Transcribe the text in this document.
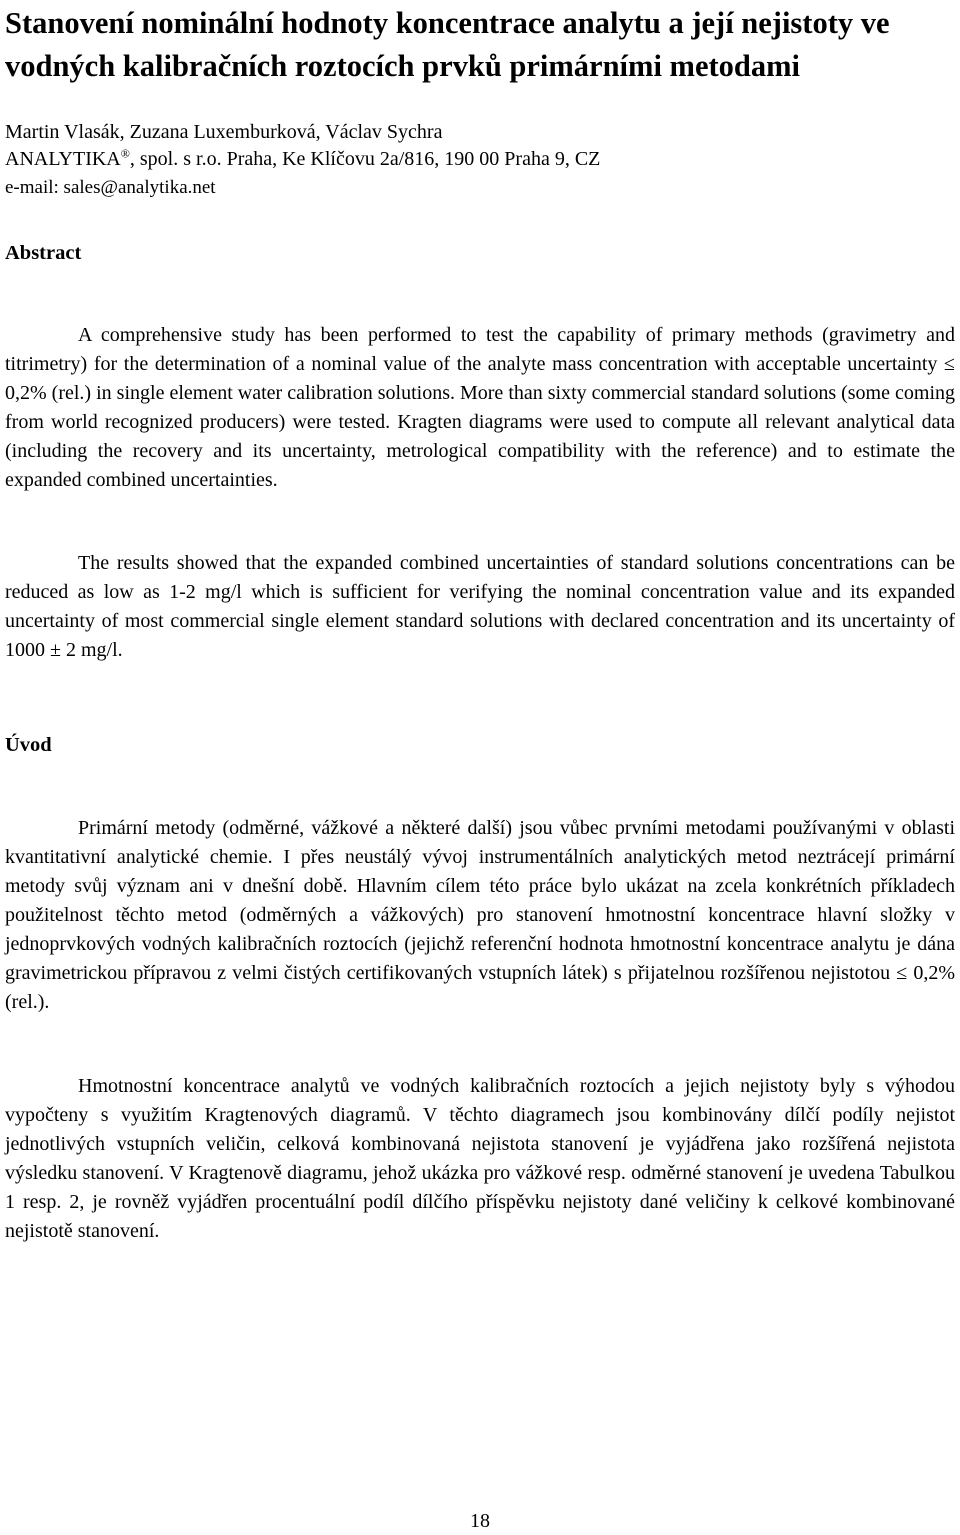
Stanovení nominální hodnoty koncentrace analytu a její nejistoty ve vodných kalibračních roztocích prvků primárními metodami
Martin Vlasák, Zuzana Luxemburková, Václav Sychra
ANALYTIKA®, spol. s r.o. Praha, Ke Klíčovu 2a/816, 190 00 Praha 9, CZ
e-mail: sales@analytika.net
Abstract

A comprehensive study has been performed to test the capability of primary methods (gravimetry and titrimetry) for the determination of a nominal value of the analyte mass concentration with acceptable uncertainty ≤ 0,2% (rel.) in single element water calibration solutions. More than sixty commercial standard solutions (some coming from world recognized producers) were tested. Kragten diagrams were used to compute all relevant analytical data (including the recovery and its uncertainty, metrological compatibility with the reference) and to estimate the expanded combined uncertainties.

The results showed that the expanded combined uncertainties of standard solutions concentrations can be reduced as low as 1-2 mg/l which is sufficient for verifying the nominal concentration value and its expanded uncertainty of most commercial single element standard solutions with declared concentration and its uncertainty of 1000 ± 2 mg/l.

Úvod

Primární metody (odměrné, vážkové a některé další) jsou vůbec prvními metodami používanými v oblasti kvantitativní analytické chemie. I přes neustálý vývoj instrumentálních analytických metod neztrácejí primární metody svůj význam ani v dnešní době. Hlavním cílem této práce bylo ukázat na zcela konkrétních příkladech použitelnost těchto metod (odměrných a vážkových) pro stanovení hmotnostní koncentrace hlavní složky v jednoprvkových vodných kalibračních roztocích (jejichž referenční hodnota hmotnostní koncentrace analytu je dána gravimetrickou přípravou z velmi čistých certifikovaných vstupních látek) s přijatelnou rozšířenou nejistotou ≤ 0,2% (rel.).

Hmotnostní koncentrace analytů ve vodných kalibračních roztocích a jejich nejistoty byly s výhodou vypočteny s využitím Kragtenových diagramů. V těchto diagramech jsou kombinovány dílčí podíly nejistot jednotlivých vstupních veličin, celková kombinovaná nejistota stanovení je vyjádřena jako rozšířená nejistota výsledku stanovení. V Kragtenově diagramu, jehož ukázka pro vážkové resp. odměrné stanovení je uvedena Tabulkou 1 resp. 2, je rovněž vyjádřen procentuální podíl dílčího příspěvku nejistoty dané veličiny k celkové kombinované nejistotě stanovení.

18
